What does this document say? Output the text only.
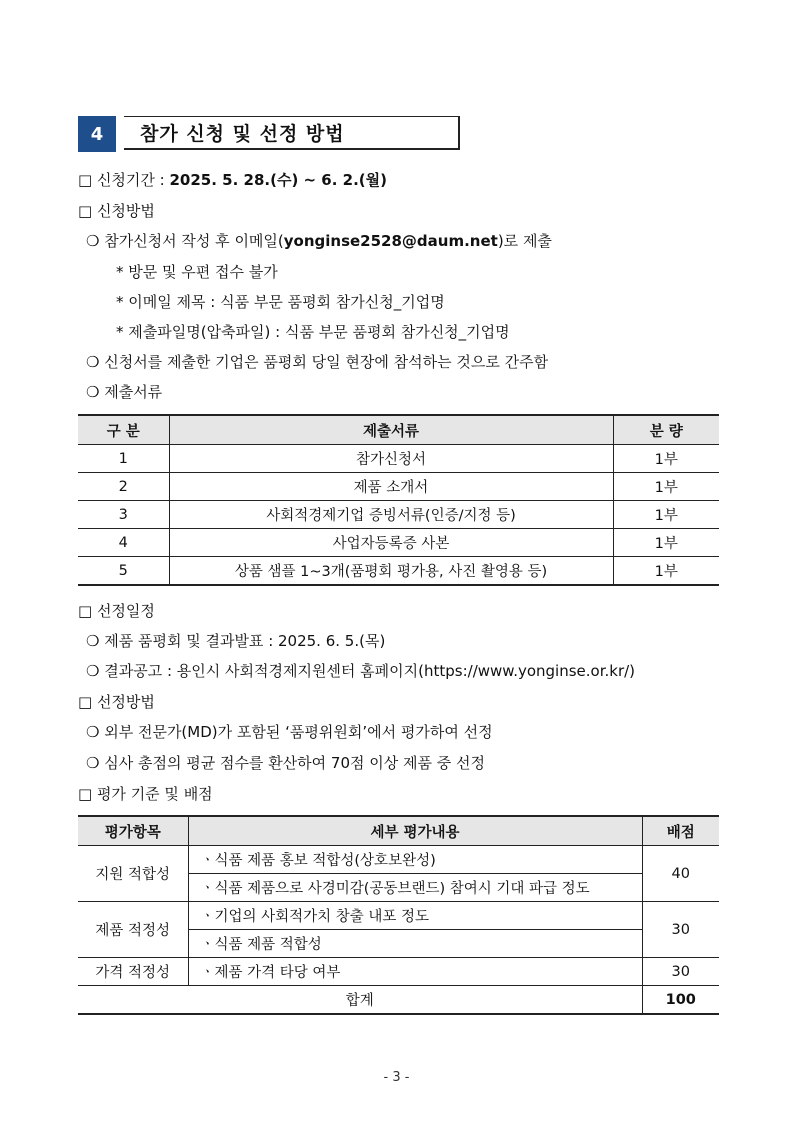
4	참가 신청 및 선정 방법
□ 신청기간 : 2025. 5. 28.(수) ~ 6. 2.(월)
□ 신청방법
❍ 참가신청서 작성 후 이메일(yonginse2528@daum.net)로 제출
* 방문 및 우편 접수 불가
* 이메일 제목 : 식품 부문 품평회 참가신청_기업명
* 제출파일명(압축파일) : 식품 부문 품평회 참가신청_기업명
❍ 신청서를 제출한 기업은 품평회 당일 현장에 참석하는 것으로 간주함
❍ 제출서류
구 분	제출서류	분 량
1	참가신청서	1부
2	제품 소개서	1부
3	사회적경제기업 증빙서류(인증/지정 등)	1부
4	사업자등록증 사본	1부
5	상품 샘플 1~3개(품평회 평가용, 사진 촬영용 등)	1부
□ 선정일정
❍ 제품 품평회 및 결과발표 : 2025. 6. 5.(목)
❍ 결과공고 : 용인시 사회적경제지원센터 홈페이지(https://www.yonginse.or.kr/)
□ 선정방법
❍ 외부 전문가(MD)가 포함된 ‘품평위원회’에서 평가하여 선정
❍ 심사 총점의 평균 점수를 환산하여 70점 이상 제품 중 선정
□ 평가 기준 및 배점
평가항목	세부 평가내용	배점
지원 적합성	ㆍ식품 제품 홍보 적합성(상호보완성)	40
	ㆍ식품 제품으로 사경미감(공동브랜드) 참여시 기대 파급 정도	
제품 적정성	ㆍ기업의 사회적가치 창출 내포 정도	30
	ㆍ식품 제품 적합성	
가격 적정성	ㆍ제품 가격 타당 여부	30
합계		100
- 3 -
